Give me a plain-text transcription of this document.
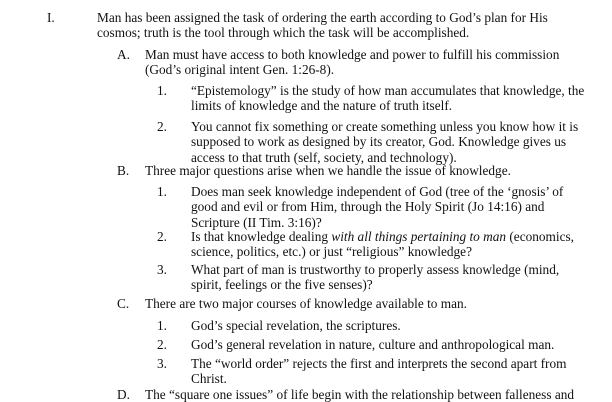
I.	Man has been assigned the task of ordering the earth according to God’s plan for His

cosmos; truth is the tool through which the task will be accomplished.

A.	Man must have access to both knowledge and power to fulfill his commission

(God’s original intent Gen. 1:26-8).

1.	“Epistemology” is the study of how man accumulates that knowledge, the

limits of knowledge and the nature of truth itself.

2.	You cannot fix something or create something unless you know how it is

supposed to work as designed by its creator, God. Knowledge gives us

access to that truth (self, society, and technology).

B.	Three major questions arise when we handle the issue of knowledge.

1.	Does man seek knowledge independent of God (tree of the ‘gnosis’ of

good and evil or from Him, through the Holy Spirit (Jo 14:16) and

Scripture (II Tim. 3:16)?

2.	Is that knowledge dealing with all things pertaining to man (economics,

science, politics, etc.) or just “religious” knowledge?

3.	What part of man is trustworthy to properly assess knowledge (mind,

spirit, feelings or the five senses)?

C.	There are two major courses of knowledge available to man.

1.	God’s special revelation, the scriptures.

2.	God’s general revelation in nature, culture and anthropological man.

3.	The “world order” rejects the first and interprets the second apart from

Christ.

D.	The “square one issues” of life begin with the relationship between falleness and
